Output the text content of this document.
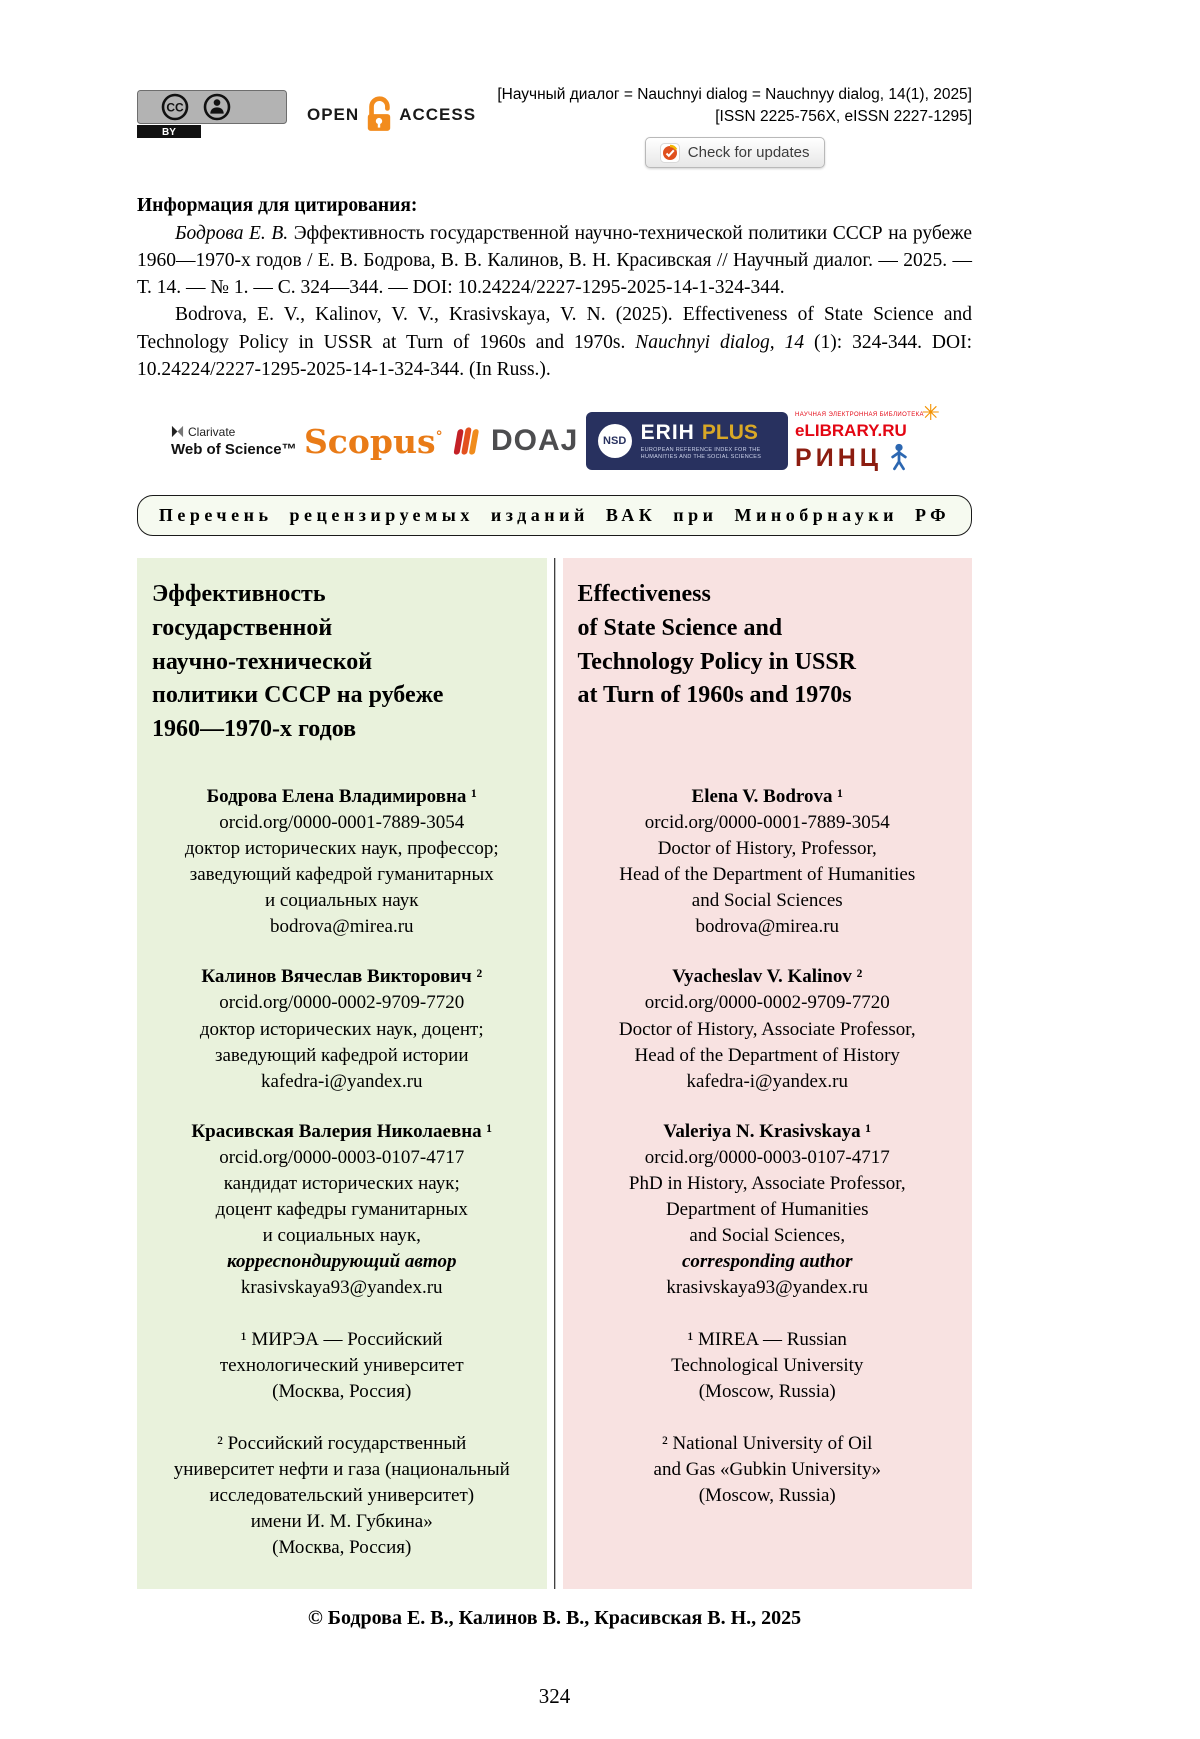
CC
BY
OPEN ACCESS
[Научный диалог = Nauchnyi dialog = Nauchnyy dialog, 14(1), 2025]
[ISSN 2225-756X, eISSN 2227-1295]
Check for updates

Информация для цитирования:

Бодрова Е. В. Эффективность государственной научно-технической политики СССР на рубеже 1960—1970-х годов / Е. В. Бодрова, В. В. Калинов, В. Н. Красивская // Научный диалог. — 2025. — Т. 14. — № 1. — С. 324—344. — DOI: 10.24224/2227-1295-2025-14-1-324-344.

Bodrova, E. V., Kalinov, V. V., Krasivskaya, V. N. (2025). Effectiveness of State Science and Technology Policy in USSR at Turn of 1960s and 1970s. Nauchnyi dialog, 14 (1): 324-344. DOI: 10.24224/2227-1295-2025-14-1-324-344. (In Russ.).

Clarivate
Web of Science™ Scopus° DOAJ NSD ERIH PLUS
EUROPEAN REFERENCE INDEX FOR THE HUMANITIES AND THE SOCIAL SCIENCES
✳
НАУЧНАЯ ЭЛЕКТРОННАЯ БИБЛИОТЕКА
eLIBRARY.RU
РИНЦ
Перечень рецензируемых изданий ВАК при Минобрнауки РФ
Эффективность
государственной
научно-технической
политики СССР на рубеже
1960—1970-х годов
Бодрова Елена Владимировна ¹
orcid.org/0000-0001-7889-3054
доктор исторических наук, профессор;
заведующий кафедрой гуманитарных
и социальных наук
bodrova@mirea.ru
Калинов Вячеслав Викторович ²
orcid.org/0000-0002-9709-7720
доктор исторических наук, доцент;
заведующий кафедрой истории
kafedra-i@yandex.ru
Красивская Валерия Николаевна ¹
orcid.org/0000-0003-0107-4717
кандидат исторических наук;
доцент кафедры гуманитарных
и социальных наук,
корреспондирующий автор
krasivskaya93@yandex.ru
¹ МИРЭА — Российский
технологический университет
(Москва, Россия)
² Российский государственный
университет нефти и газа (национальный
исследовательский университет)
имени И. М. Губкина»
(Москва, Россия)
Effectiveness
of State Science and
Technology Policy in USSR
at Turn of 1960s and 1970s
Elena V. Bodrova ¹
orcid.org/0000-0001-7889-3054
Doctor of History, Professor,
Head of the Department of Humanities
and Social Sciences
bodrova@mirea.ru
Vyacheslav V. Kalinov ²
orcid.org/0000-0002-9709-7720
Doctor of History, Associate Professor,
Head of the Department of History
kafedra-i@yandex.ru
Valeriya N. Krasivskaya ¹
orcid.org/0000-0003-0107-4717
PhD in History, Associate Professor,
Department of Humanities
and Social Sciences,
corresponding author
krasivskaya93@yandex.ru
¹ MIREA — Russian
Technological University
(Moscow, Russia)
² National University of Oil
and Gas «Gubkin University»
(Moscow, Russia)
© Бодрова Е. В., Калинов В. В., Красивская В. Н., 2025
324
